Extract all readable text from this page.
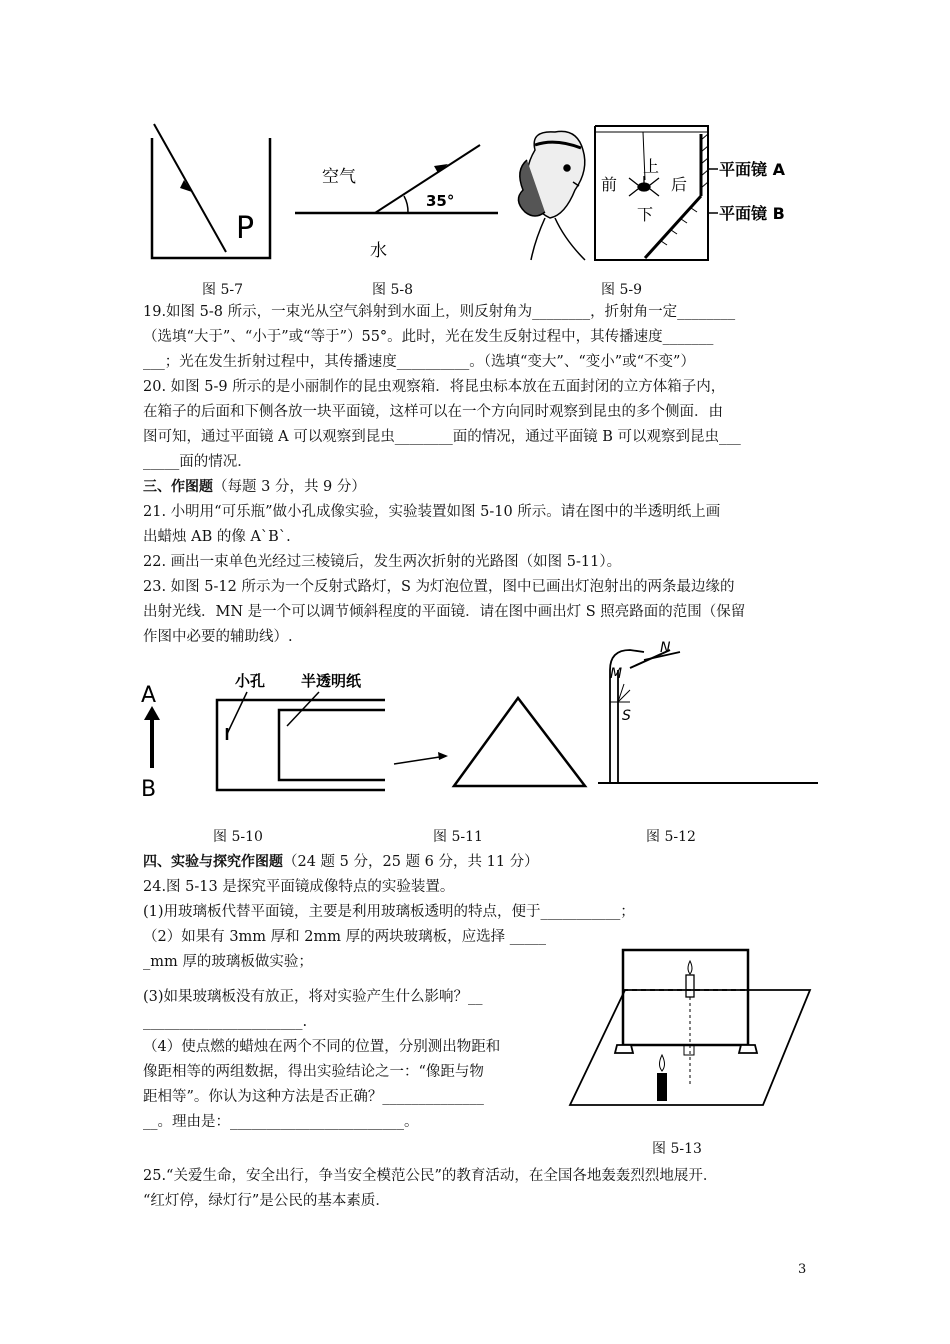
P
图 5-7
空气
水
35°
图 5-8
上
前	后
下
平面镜 A
平面镜 B
图 5-9
19.如图 5-8 所示，一束光从空气斜射到水面上，则反射角为________，折射角一定________
（选填“大于”、“小于”或“等于”）55°。此时，光在发生反射过程中，其传播速度_______
___；光在发生折射过程中，其传播速度__________。（选填“变大”、“变小”或“不变”）
20. 如图 5-9 所示的是小丽制作的昆虫观察箱．将昆虫标本放在五面封闭的立方体箱子内，
在箱子的后面和下侧各放一块平面镜，这样可以在一个方向同时观察到昆虫的多个侧面．由
图可知，通过平面镜 A 可以观察到昆虫________面的情况，通过平面镜 B 可以观察到昆虫___
_____面的情况．
三、作图题（每题 3 分，共 9 分）
21. 小明用“可乐瓶”做小孔成像实验，实验装置如图 5-10 所示。请在图中的半透明纸上画
出蜡烛 AB 的像 A`B`.
22. 画出一束单色光经过三棱镜后，发生两次折射的光路图（如图 5-11）。
23. 如图 5-12 所示为一个反射式路灯，S 为灯泡位置，图中已画出灯泡射出的两条最边缘的
出射光线．MN 是一个可以调节倾斜程度的平面镜．请在图中画出灯 S 照亮路面的范围（保留
作图中必要的辅助线）.
A
B
小孔 半透明纸
图 5-10	图 5-11
N
M
S
图 5-12
四、实验与探究作图题（24 题 5 分，25 题 6 分，共 11 分）
24.图 5-13 是探究平面镜成像特点的实验装置。
(1)用玻璃板代替平面镜，主要是利用玻璃板透明的特点，便于___________；
（2）如果有 3mm 厚和 2mm 厚的两块玻璃板，应选择 _____
_mm 厚的玻璃板做实验；
(3)如果玻璃板没有放正，将对实验产生什么影响？__
______________________.
（4）使点燃的蜡烛在两个不同的位置，分别测出物距和
像距相等的两组数据，得出实验结论之一：“像距与物
距相等”。你认为这种方法是否正确？______________
__。理由是：________________________。
图 5-13
25.“关爱生命，安全出行，争当安全模范公民”的教育活动，在全国各地轰轰烈烈地展开．
“红灯停，绿灯行”是公民的基本素质．
3
